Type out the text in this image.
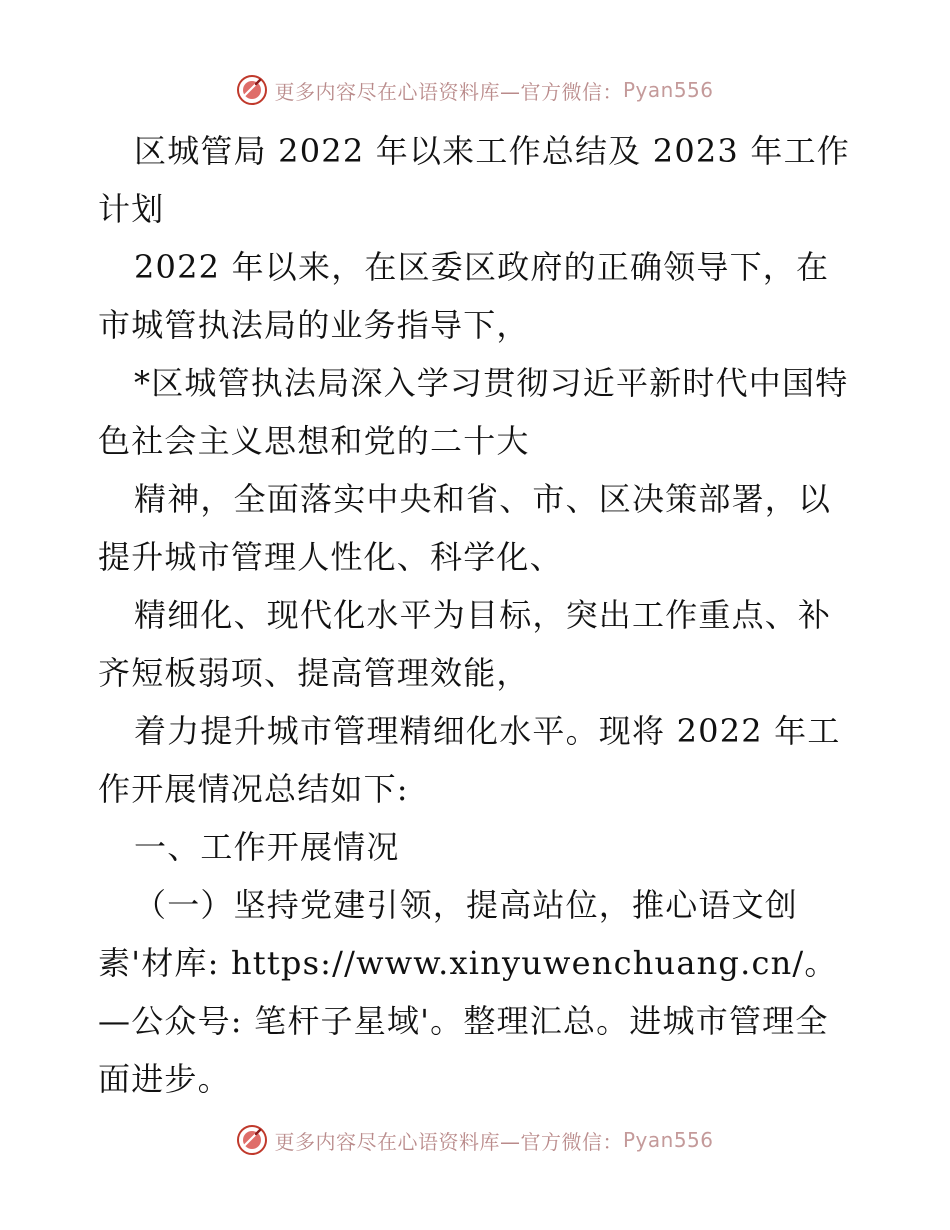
更多内容尽在心语资料库—官方微信： Pyan556

区城管局 2022 年以来工作总结及 2023 年工作计划

2022 年以来，在区委区政府的正确领导下，在市城管执法局的业务指导下，

*区城管执法局深入学习贯彻习近平新时代中国特色社会主义思想和党的二十大

精神，全面落实中央和省、市、区决策部署，以提升城市管理人性化、科学化、

精细化、现代化水平为目标，突出工作重点、补齐短板弱项、提高管理效能，

着力提升城市管理精细化水平。现将 2022 年工作开展情况总结如下:

一、工作开展情况

（一）坚持党建引领，提高站位，推心语文创素'材库: https://www.xinyuwenchuang.cn/。—公众号: 笔杆子星域'。整理汇总。进城市管理全面进步。

更多内容尽在心语资料库—官方微信： Pyan556
